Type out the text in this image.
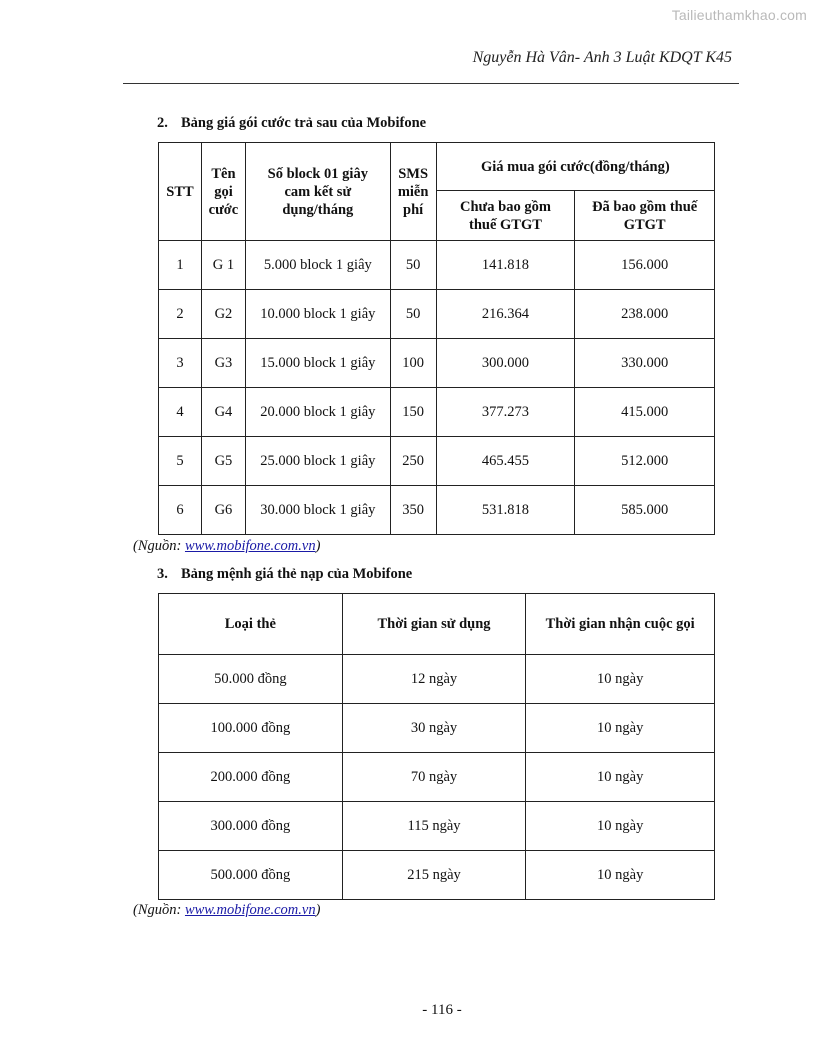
Tailieuthamkhao.com
Nguyễn Hà Vân- Anh 3 Luật KDQT K45
2. Bảng giá gói cước trả sau của Mobifone
STT	Tên
gọi
cước	Số block 01 giây
cam kết sử
dụng/tháng	SMS
miễn
phí	Giá mua gói cước(đồng/tháng)	
				Chưa bao gồm
thuế GTGT	Đã bao gồm thuế
GTGT
1	G 1	5.000 block 1 giây	50	141.818	156.000
2	G2	10.000 block 1 giây	50	216.364	238.000
3	G3	15.000 block 1 giây	100	300.000	330.000
4	G4	20.000 block 1 giây	150	377.273	415.000
5	G5	25.000 block 1 giây	250	465.455	512.000
6	G6	30.000 block 1 giây	350	531.818	585.000
(Nguồn: www.mobifone.com.vn)
3. Bảng mệnh giá thẻ nạp của Mobifone
Loại thẻ	Thời gian sử dụng	Thời gian nhận cuộc gọi
50.000 đồng	12 ngày	10 ngày
100.000 đồng	30 ngày	10 ngày
200.000 đồng	70 ngày	10 ngày
300.000 đồng	115 ngày	10 ngày
500.000 đồng	215 ngày	10 ngày
(Nguồn: www.mobifone.com.vn)
- 116 -
